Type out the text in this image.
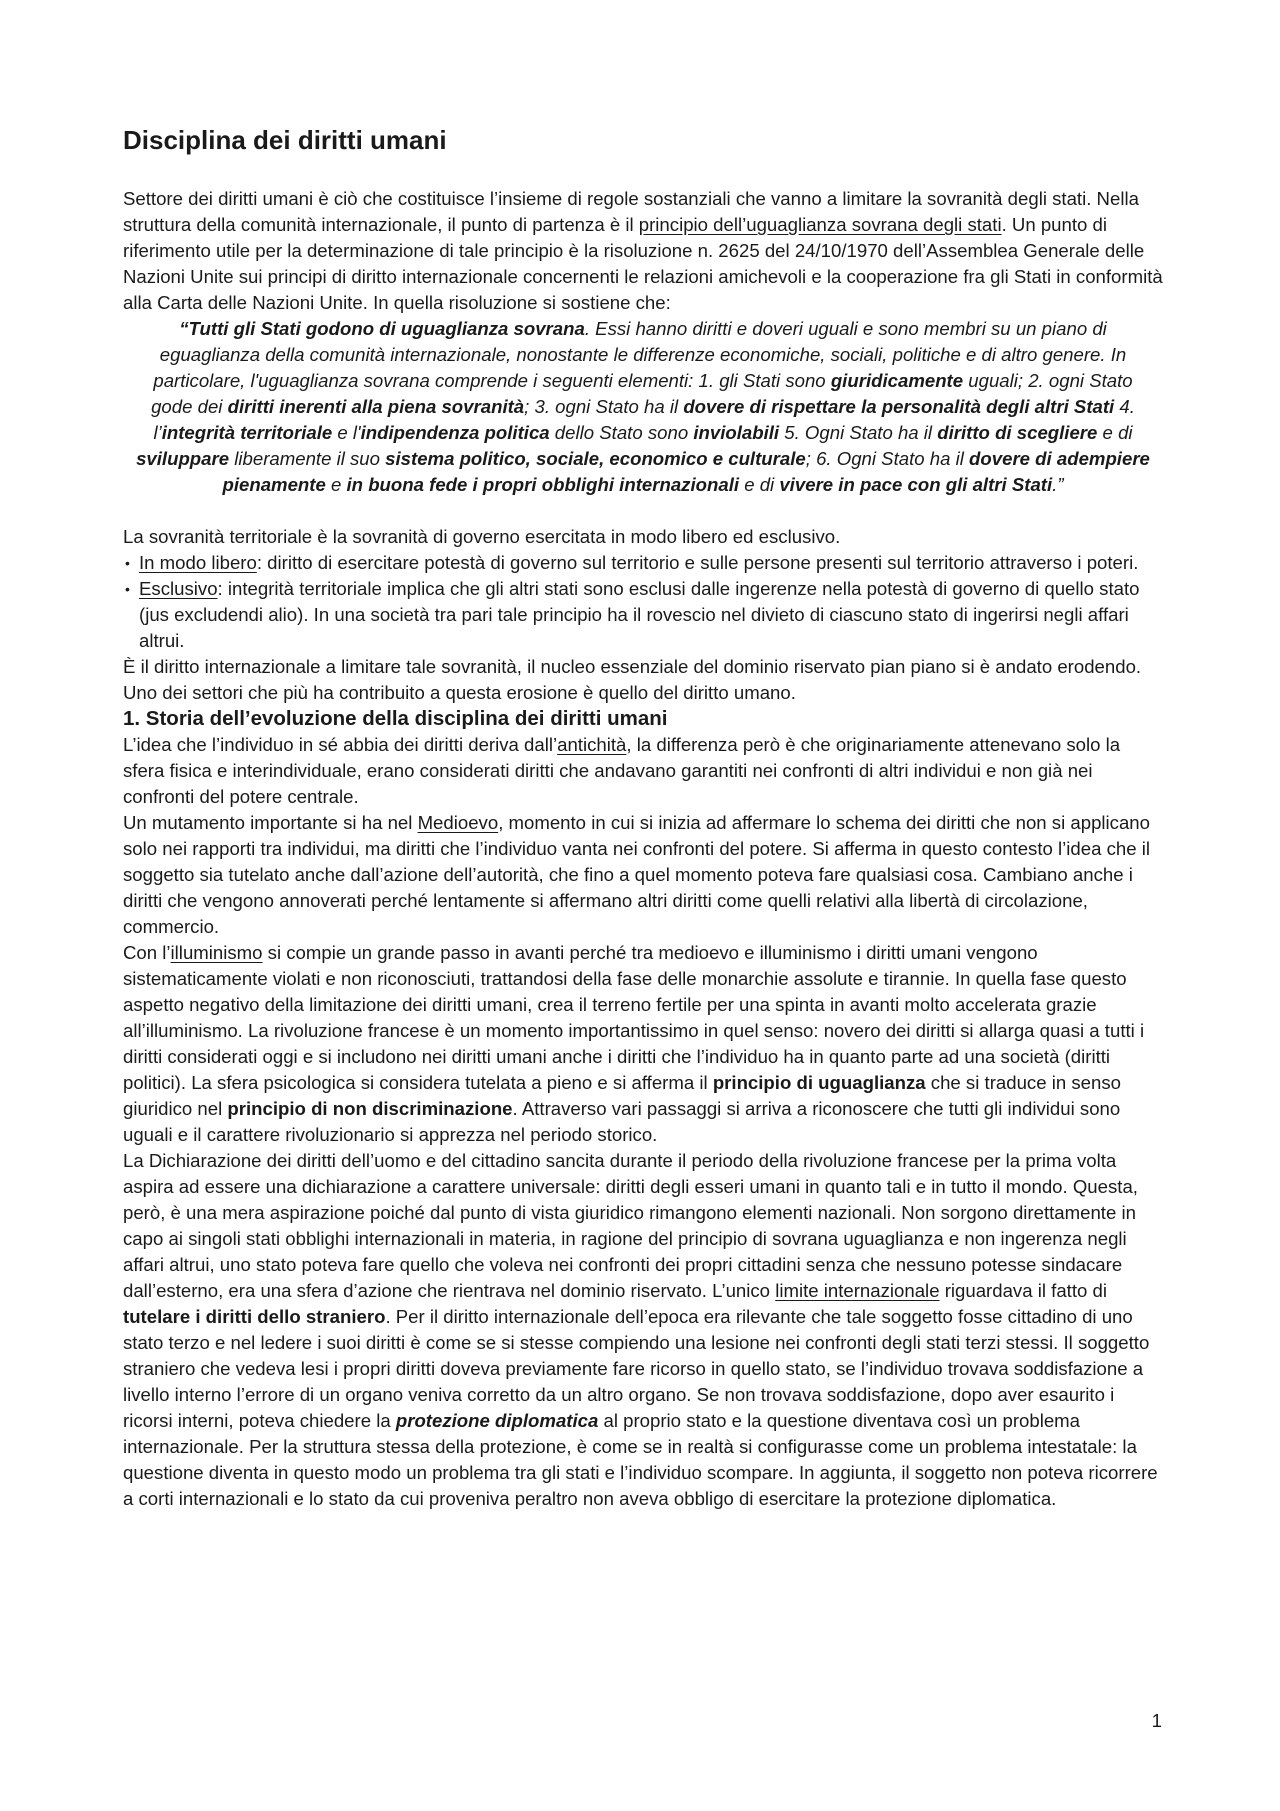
Disciplina dei diritti umani

Settore dei diritti umani è ciò che costituisce l’insieme di regole sostanziali che vanno a limitare la sovranità degli stati. Nella struttura della comunità internazionale, il punto di partenza è il principio dell’uguaglianza sovrana degli stati. Un punto di riferimento utile per la determinazione di tale principio è la risoluzione n. 2625 del 24/10/1970 dell’Assemblea Generale delle Nazioni Unite sui principi di diritto internazionale concernenti le relazioni amichevoli e la cooperazione fra gli Stati in conformità alla Carta delle Nazioni Unite. In quella risoluzione si sostiene che:

“Tutti gli Stati godono di uguaglianza sovrana. Essi hanno diritti e doveri uguali e sono membri su un piano di eguaglianza della comunità internazionale, nonostante le differenze economiche, sociali, politiche e di altro genere. In particolare, l'uguaglianza sovrana comprende i seguenti elementi: 1. gli Stati sono giuridicamente uguali; 2. ogni Stato gode dei diritti inerenti alla piena sovranità; 3. ogni Stato ha il dovere di rispettare la personalità degli altri Stati 4. l’integrità territoriale e l'indipendenza politica dello Stato sono inviolabili 5. Ogni Stato ha il diritto di scegliere e di sviluppare liberamente il suo sistema politico, sociale, economico e culturale; 6. Ogni Stato ha il dovere di adempiere pienamente e in buona fede i propri obblighi internazionali e di vivere in pace con gli altri Stati.”

La sovranità territoriale è la sovranità di governo esercitata in modo libero ed esclusivo.

• In modo libero: diritto di esercitare potestà di governo sul territorio e sulle persone presenti sul territorio attraverso i poteri.
• Esclusivo: integrità territoriale implica che gli altri stati sono esclusi dalle ingerenze nella potestà di governo di quello stato (jus excludendi alio). In una società tra pari tale principio ha il rovescio nel divieto di ciascuno stato di ingerirsi negli affari altrui.

È il diritto internazionale a limitare tale sovranità, il nucleo essenziale del dominio riservato pian piano si è andato erodendo. Uno dei settori che più ha contribuito a questa erosione è quello del diritto umano.

1. Storia dell’evoluzione della disciplina dei diritti umani

L’idea che l’individuo in sé abbia dei diritti deriva dall’antichità, la differenza però è che originariamente attenevano solo la sfera fisica e interindividuale, erano considerati diritti che andavano garantiti nei confronti di altri individui e non già nei confronti del potere centrale.

Un mutamento importante si ha nel Medioevo, momento in cui si inizia ad affermare lo schema dei diritti che non si applicano solo nei rapporti tra individui, ma diritti che l’individuo vanta nei confronti del potere. Si afferma in questo contesto l’idea che il soggetto sia tutelato anche dall’azione dell’autorità, che fino a quel momento poteva fare qualsiasi cosa. Cambiano anche i diritti che vengono annoverati perché lentamente si affermano altri diritti come quelli relativi alla libertà di circolazione, commercio.

Con l’illuminismo si compie un grande passo in avanti perché tra medioevo e illuminismo i diritti umani vengono sistematicamente violati e non riconosciuti, trattandosi della fase delle monarchie assolute e tirannie. In quella fase questo aspetto negativo della limitazione dei diritti umani, crea il terreno fertile per una spinta in avanti molto accelerata grazie all’illuminismo. La rivoluzione francese è un momento importantissimo in quel senso: novero dei diritti si allarga quasi a tutti i diritti considerati oggi e si includono nei diritti umani anche i diritti che l’individuo ha in quanto parte ad una società (diritti politici). La sfera psicologica si considera tutelata a pieno e si afferma il principio di uguaglianza che si traduce in senso giuridico nel principio di non discriminazione. Attraverso vari passaggi si arriva a riconoscere che tutti gli individui sono uguali e il carattere rivoluzionario si apprezza nel periodo storico.

La Dichiarazione dei diritti dell’uomo e del cittadino sancita durante il periodo della rivoluzione francese per la prima volta aspira ad essere una dichiarazione a carattere universale: diritti degli esseri umani in quanto tali e in tutto il mondo. Questa, però, è una mera aspirazione poiché dal punto di vista giuridico rimangono elementi nazionali. Non sorgono direttamente in capo ai singoli stati obblighi internazionali in materia, in ragione del principio di sovrana uguaglianza e non ingerenza negli affari altrui, uno stato poteva fare quello che voleva nei confronti dei propri cittadini senza che nessuno potesse sindacare dall’esterno, era una sfera d’azione che rientrava nel dominio riservato. L’unico limite internazionale riguardava il fatto di tutelare i diritti dello straniero. Per il diritto internazionale dell’epoca era rilevante che tale soggetto fosse cittadino di uno stato terzo e nel ledere i suoi diritti è come se si stesse compiendo una lesione nei confronti degli stati terzi stessi. Il soggetto straniero che vedeva lesi i propri diritti doveva previamente fare ricorso in quello stato, se l’individuo trovava soddisfazione a livello interno l’errore di un organo veniva corretto da un altro organo. Se non trovava soddisfazione, dopo aver esaurito i ricorsi interni, poteva chiedere la protezione diplomatica al proprio stato e la questione diventava così un problema internazionale. Per la struttura stessa della protezione, è come se in realtà si configurasse come un problema intestatale: la questione diventa in questo modo un problema tra gli stati e l’individuo scompare. In aggiunta, il soggetto non poteva ricorrere a corti internazionali e lo stato da cui proveniva peraltro non aveva obbligo di esercitare la protezione diplomatica.

1
